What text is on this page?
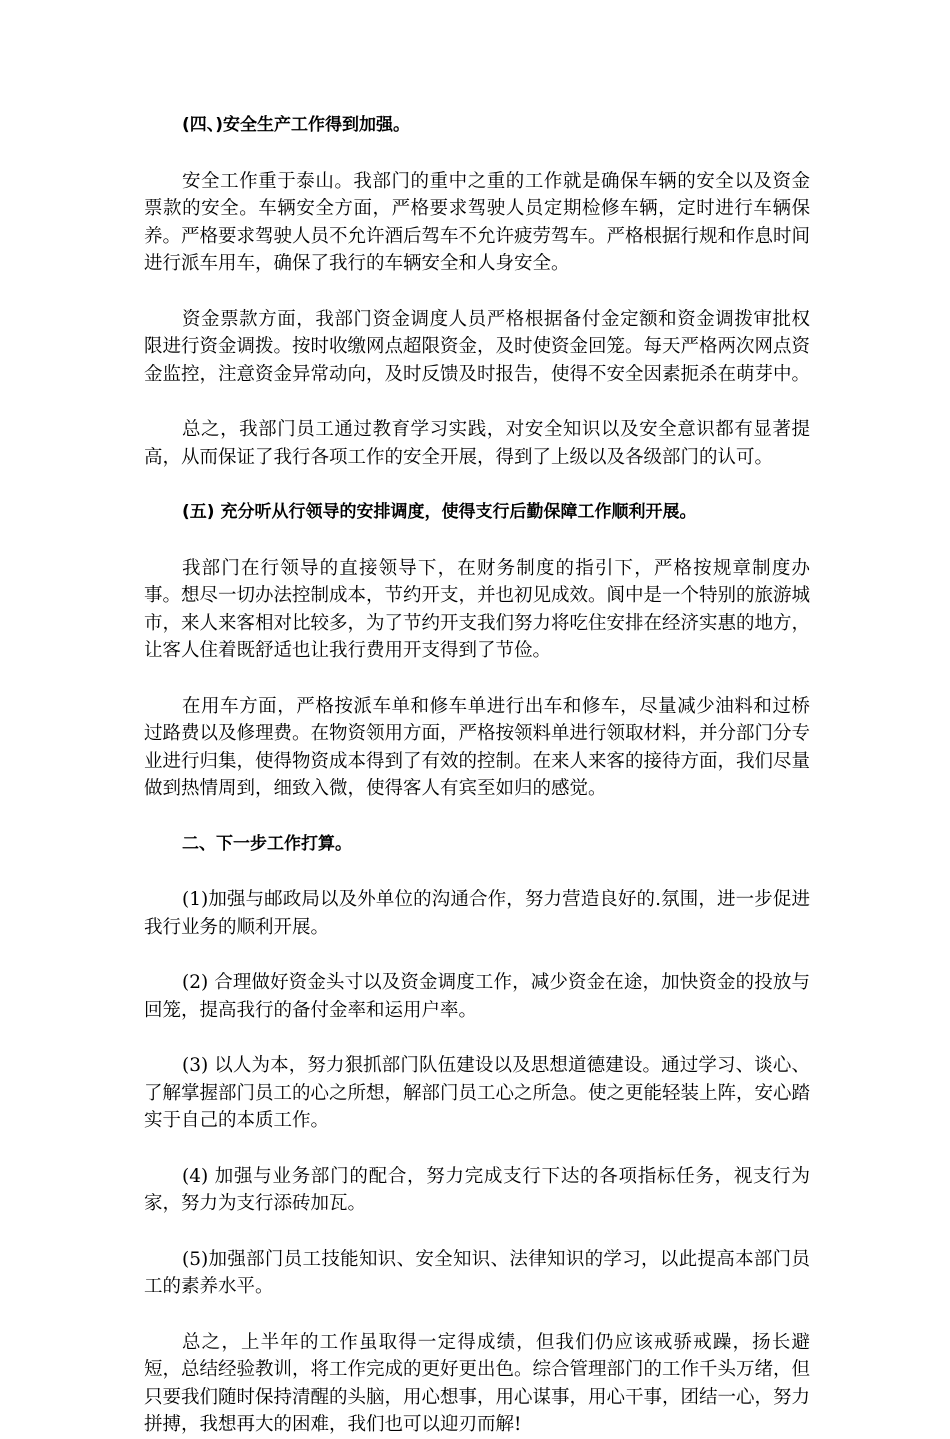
(四、)安全生产工作得到加强。

安全工作重于泰山。我部门的重中之重的工作就是确保车辆的安全以及资金票款的安全。车辆安全方面，严格要求驾驶人员定期检修车辆，定时进行车辆保养。严格要求驾驶人员不允许酒后驾车不允许疲劳驾车。严格根据行规和作息时间进行派车用车，确保了我行的车辆安全和人身安全。

资金票款方面，我部门资金调度人员严格根据备付金定额和资金调拨审批权限进行资金调拨。按时收缴网点超限资金，及时使资金回笼。每天严格两次网点资金监控，注意资金异常动向，及时反馈及时报告，使得不安全因素扼杀在萌芽中。

总之，我部门员工通过教育学习实践，对安全知识以及安全意识都有显著提高，从而保证了我行各项工作的安全开展，得到了上级以及各级部门的认可。

(五) 充分听从行领导的安排调度，使得支行后勤保障工作顺利开展。

我部门在行领导的直接领导下，在财务制度的指引下，严格按规章制度办事。想尽一切办法控制成本，节约开支，并也初见成效。阆中是一个特别的旅游城市，来人来客相对比较多，为了节约开支我们努力将吃住安排在经济实惠的地方，让客人住着既舒适也让我行费用开支得到了节俭。

在用车方面，严格按派车单和修车单进行出车和修车，尽量减少油料和过桥过路费以及修理费。在物资领用方面，严格按领料单进行领取材料，并分部门分专业进行归集，使得物资成本得到了有效的控制。在来人来客的接待方面，我们尽量做到热情周到，细致入微，使得客人有宾至如归的感觉。

二、下一步工作打算。

(1)加强与邮政局以及外单位的沟通合作，努力营造良好的.氛围，进一步促进我行业务的顺利开展。

(2) 合理做好资金头寸以及资金调度工作，减少资金在途，加快资金的投放与回笼，提高我行的备付金率和运用户率。

(3) 以人为本，努力狠抓部门队伍建设以及思想道德建设。通过学习、谈心、了解掌握部门员工的心之所想，解部门员工心之所急。使之更能轻装上阵，安心踏实于自己的本质工作。

(4) 加强与业务部门的配合，努力完成支行下达的各项指标任务，视支行为家，努力为支行添砖加瓦。

(5)加强部门员工技能知识、安全知识、法律知识的学习，以此提高本部门员工的素养水平。

总之，上半年的工作虽取得一定得成绩，但我们仍应该戒骄戒躁，扬长避短，总结经验教训，将工作完成的更好更出色。综合管理部门的工作千头万绪，但只要我们随时保持清醒的头脑，用心想事，用心谋事，用心干事，团结一心，努力拼搏，我想再大的困难，我们也可以迎刃而解!
